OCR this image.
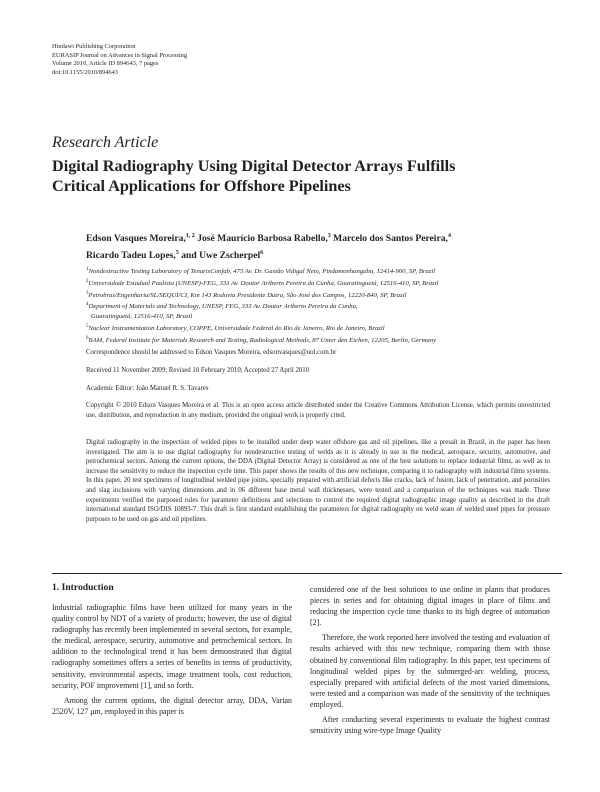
Hindawi Publishing Corporation
EURASIP Journal on Advances in Signal Processing
Volume 2010, Article ID 894643, 7 pages
doi:10.1155/2010/894643
Research Article
Digital Radiography Using Digital Detector Arrays Fulfills
Critical Applications for Offshore Pipelines
Edson Vasques Moreira,$^{1, 2}$ José Maurício Barbosa Rabello,$^3$ Marcelo dos Santos Pereira,$^4$
Ricardo Tadeu Lopes,$^5$ and Uwe Zscherpel$^6$
$^1$Nondestructive Testing Laboratory of TenarisConfab, 475 Av. Dr. Gastão Vidigal Neto, Pindamonhangaba, 12414-900, SP, Brazil
$^2$Universidade Estadual Paulista (UNESP)-FEG, 333 Av. Doutor Ariberto Pereira da Cunha, Guaratinguetá, 12516-410, SP, Brazil
$^3$Petrobras/Engenharia/SL/SEQUI/CI, Km 143 Rodovia Presidente Dutra, São José dos Campos, 12220-840, SP, Brazil
$^4$Department of Materials and Technology, UNESP, FEG, 333 Av. Doutor Ariberto Pereira da Cunha,
Guaratinguetá, 12516-410, SP, Brazil
$^5$Nuclear Instrumentation Laboratory, COPPE, Universidade Federal do Rio de Janeiro, Rio de Janeiro, Brazil
$^6$BAM, Federal Institute for Materials Research and Testing, Radiological Methods, 87 Unter den Eichen, 12205, Berlin, Germany
Correspondence should be addressed to Edson Vasques Moreira, edsonvasques@uol.com.br
Received 11 November 2009; Revised 10 February 2010; Accepted 27 April 2010
Academic Editor: João Manuel R. S. Tavares
Copyright © 2010 Edson Vasques Moreira et al. This is an open access article distributed under the Creative Commons Attribution License, which permits unrestricted use, distribution, and reproduction in any medium, provided the original work is properly cited.
Digital radiography in the inspection of welded pipes to be installed under deep water offshore gas and oil pipelines, like a presalt in Brazil, in the paper has been investigated. The aim is to use digital radiography for nondestructive testing of welds as it is already in use in the medical, aerospace, security, automotive, and petrochemical sectors. Among the current options, the DDA (Digital Detector Array) is considered as one of the best solutions to replace industrial films, as well as to increase the sensitivity to reduce the inspection cycle time. This paper shows the results of this new technique, comparing it to radiography with industrial films systems. In this paper, 20 test specimens of longitudinal welded pipe joints, specially prepared with artificial defects like cracks, lack of fusion, lack of penetration, and porosities and slag inclusions with varying dimensions and in 06 different base metal wall thicknesses, were tested and a comparison of the techniques was made. These experiments verified the purposed rules for parameter definitions and selections to control the required digital radiographic image quality as described in the draft international standard ISO/DIS 10893-7. This draft is first standard establishing the parameters for digital radiography on weld seam of welded steel pipes for pressure purposes to be used on gas and oil pipelines.
1. Introduction

Industrial radiographic films have been utilized for many years in the quality control by NDT of a variety of products; however, the use of digital radiography has recently been implemented in several sectors, for example, the medical, aerospace, security, automotive and petrochemical sectors. In addition to the technological trend it has been demonstrated that digital radiography sometimes offers a series of benefits in terms of productivity, sensitivity, environmental aspects, image treatment tools, cost reduction, security, POF improvement [1], and so forth.

Among the current options, the digital detector array, DDA, Varian 2520V, 127 μm, employed in this paper is

considered one of the best solutions to use online in plants that produces pieces in series and for obtaining digital images in place of films and reducing the inspection cycle time thanks to its high degree of automation [2].

Therefore, the work reported here involved the testing and evaluation of results achieved with this new technique, comparing them with those obtained by conventional film radiography. In this paper, test specimens of longitudinal welded pipes by the submerged-arc welding, process, especially prepared with artificial defects of the most varied dimensions, were tested and a comparison was made of the sensitivity of the techniques employed.

After conducting several experiments to evaluate the highest contrast sensitivity using wire-type Image Quality
